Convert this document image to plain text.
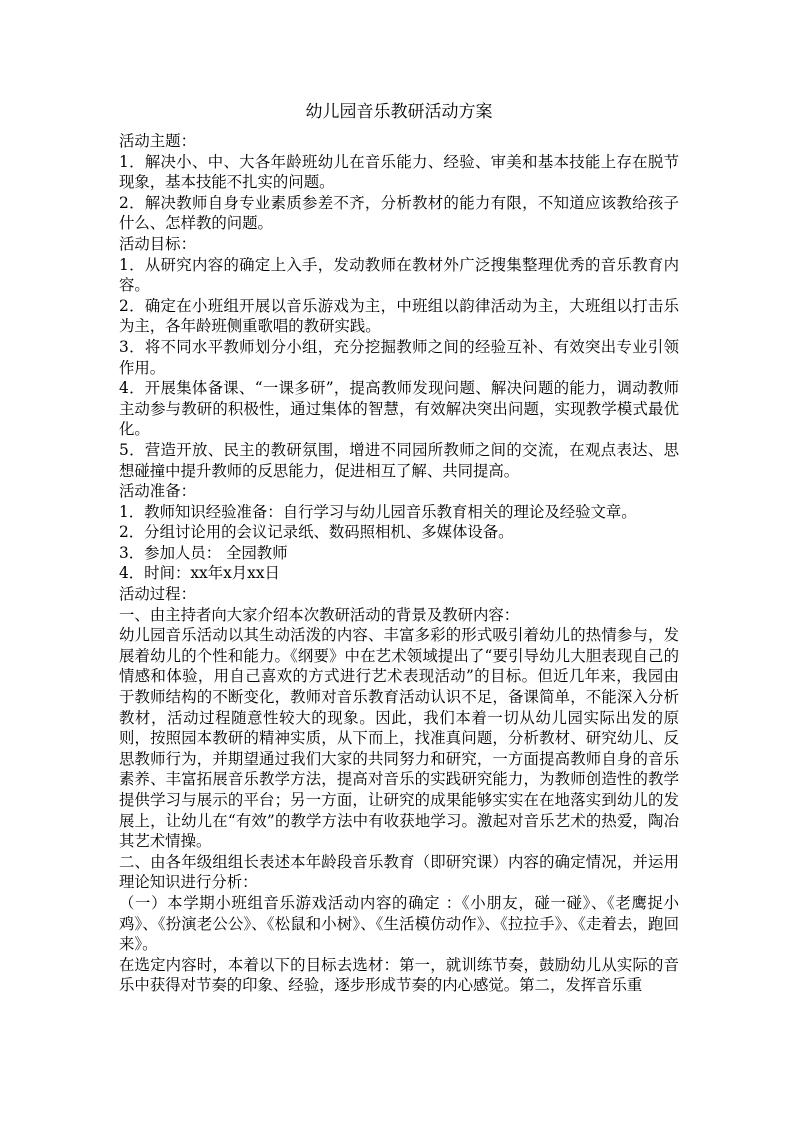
幼儿园音乐教研活动方案

活动主题：

1．解决小、中、大各年龄班幼儿在音乐能力、经验、审美和基本技能上存在脱节现象，基本技能不扎实的问题。

2．解决教师自身专业素质参差不齐，分析教材的能力有限，不知道应该教给孩子什么、怎样教的问题。

活动目标：

1．从研究内容的确定上入手，发动教师在教材外广泛搜集整理优秀的音乐教育内容。

2．确定在小班组开展以音乐游戏为主，中班组以韵律活动为主，大班组以打击乐为主，各年龄班侧重歌唱的教研实践。

3．将不同水平教师划分小组，充分挖掘教师之间的经验互补、有效突出专业引领作用。

4．开展集体备课、“一课多研”，提高教师发现问题、解决问题的能力，调动教师主动参与教研的积极性，通过集体的智慧，有效解决突出问题，实现教学模式最优化。

5．营造开放、民主的教研氛围，增进不同园所教师之间的交流，在观点表达、思想碰撞中提升教师的反思能力，促进相互了解、共同提高。

活动准备：

1．教师知识经验准备：自行学习与幼儿园音乐教育相关的理论及经验文章。

2．分组讨论用的会议记录纸、数码照相机、多媒体设备。

3．参加人员： 全园教师

4．时间：xx年x月xx日

活动过程：

一、由主持者向大家介绍本次教研活动的背景及教研内容：

幼儿园音乐活动以其生动活泼的内容、丰富多彩的形式吸引着幼儿的热情参与，发展着幼儿的个性和能力。《纲要》中在艺术领域提出了“要引导幼儿大胆表现自己的情感和体验，用自己喜欢的方式进行艺术表现活动”的目标。但近几年来，我园由于教师结构的不断变化，教师对音乐教育活动认识不足，备课简单，不能深入分析教材，活动过程随意性较大的现象。因此，我们本着一切从幼儿园实际出发的原则，按照园本教研的精神实质，从下而上，找准真问题，分析教材、研究幼儿、反思教师行为，并期望通过我们大家的共同努力和研究，一方面提高教师自身的音乐素养、丰富拓展音乐教学方法，提高对音乐的实践研究能力，为教师创造性的教学提供学习与展示的平台；另一方面，让研究的成果能够实实在在地落实到幼儿的发展上，让幼儿在“有效”的教学方法中有收获地学习。激起对音乐艺术的热爱，陶冶其艺术情操。

二、由各年级组组长表述本年龄段音乐教育（即研究课）内容的确定情况，并运用理论知识进行分析：

（一）本学期小班组音乐游戏活动内容的确定 ：《小朋友，碰一碰》、《老鹰捉小鸡》、《扮演老公公》、《松鼠和小树》、《生活模仿动作》、《拉拉手》、《走着去，跑回来》。

在选定内容时，本着以下的目标去选材：第一，就训练节奏，鼓励幼儿从实际的音乐中获得对节奏的印象、经验，逐步形成节奏的内心感觉。第二，发挥音乐重
